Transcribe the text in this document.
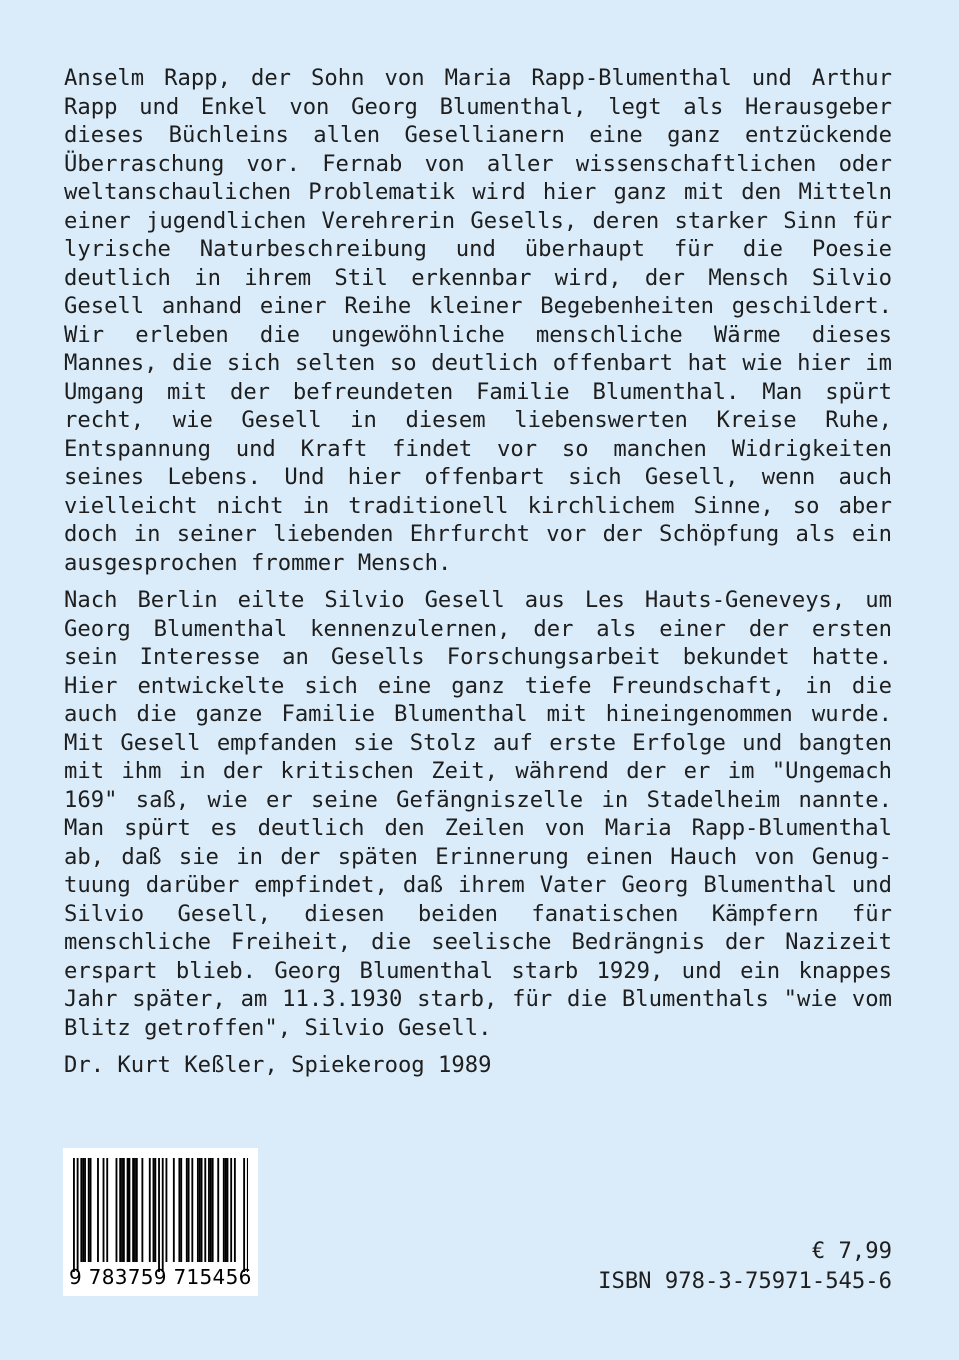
Anselm Rapp, der Sohn von Maria Rapp-Blumenthal und Arthur Rapp und Enkel von Georg Blumenthal, legt als Herausgeber dieses Büchleins allen Gesellianern eine ganz entzückende Überraschung vor. Fernab von aller wissenschaftlichen oder weltanschaulichen Problematik wird hier ganz mit den Mitteln einer jugendlichen Verehrerin Gesells, deren starker Sinn für lyrische Naturbeschreibung und überhaupt für die Poesie deutlich in ihrem Stil erkennbar wird, der Mensch Silvio Gesell anhand einer Reihe kleiner Begebenheiten geschildert. Wir erleben die ungewöhnliche menschliche Wärme dieses Mannes, die sich selten so deutlich offenbart hat wie hier im Umgang mit der befreundeten Familie Blumenthal. Man spürt recht, wie Gesell in diesem liebenswerten Kreise Ruhe, Entspannung und Kraft findet vor so manchen Widrigkeiten seines Lebens. Und hier offenbart sich Gesell, wenn auch vielleicht nicht in traditionell kirchlichem Sinne, so aber doch in seiner liebenden Ehrfurcht vor der Schöpfung als ein ausgesprochen frommer Mensch.

Nach Berlin eilte Silvio Gesell aus Les Hauts-Geneveys, um Georg Blumenthal kennenzulernen, der als einer der ersten sein Interesse an Gesells Forschungsarbeit bekundet hatte. Hier entwickelte sich eine ganz tiefe Freundschaft, in die auch die ganze Familie Blumenthal mit hineingenommen wurde. Mit Gesell empfanden sie Stolz auf erste Erfolge und bangten mit ihm in der kritischen Zeit, während der er im "Ungemach 169" saß, wie er seine Gefängniszelle in Stadelheim nannte. Man spürt es deutlich den Zeilen von Maria Rapp-Blumenthal ab, daß sie in der späten Erinnerung einen Hauch von Genugtuung darüber empfindet, daß ihrem Vater Georg Blumenthal und Silvio Gesell, diesen beiden fanatischen Kämpfern für menschliche Freiheit, die seelische Bedrängnis der Nazizeit erspart blieb. Georg Blumenthal starb 1929, und ein knappes Jahr später, am 11.3.1930 starb, für die Blumenthals "wie vom Blitz getroffen", Silvio Gesell.

Dr. Kurt Keßler, Spiekeroog 1989

9 783759 715456
€ 7,99
ISBN 978-3-75971-545-6
